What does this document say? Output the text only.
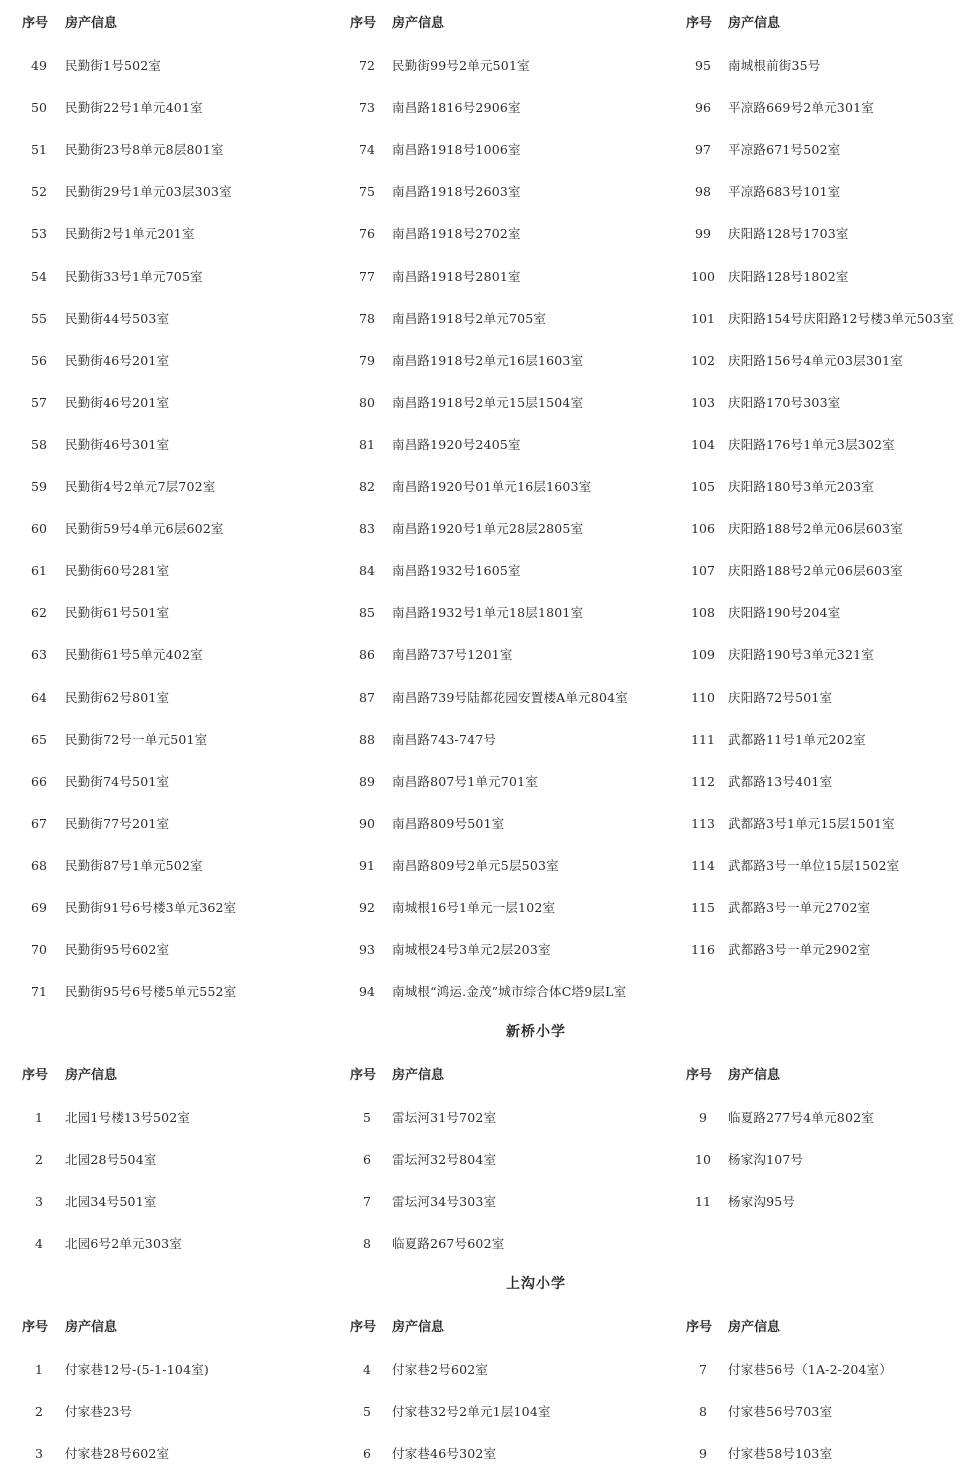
序号 房产信息
49	民勤街1号502室
50	民勤街22号1单元401室
51	民勤街23号8单元8层801室
52	民勤街29号1单元03层303室
53	民勤街2号1单元201室
54	民勤街33号1单元705室
55	民勤街44号503室
56	民勤街46号201室
57	民勤街46号201室
58	民勤街46号301室
59	民勤街4号2单元7层702室
60	民勤街59号4单元6层602室
61	民勤街60号281室
62	民勤街61号501室
63	民勤街61号5单元402室
64	民勤街62号801室
65	民勤街72号一单元501室
66	民勤街74号501室
67	民勤街77号201室
68	民勤街87号1单元502室
69	民勤街91号6号楼3单元362室
70	民勤街95号602室
71	民勤街95号6号楼5单元552室
序号 房产信息
72	民勤街99号2单元501室
73	南昌路1816号2906室
74	南昌路1918号1006室
75	南昌路1918号2603室
76	南昌路1918号2702室
77	南昌路1918号2801室
78	南昌路1918号2单元705室
79	南昌路1918号2单元16层1603室
80	南昌路1918号2单元15层1504室
81	南昌路1920号2405室
82	南昌路1920号01单元16层1603室
83	南昌路1920号1单元28层2805室
84	南昌路1932号1605室
85	南昌路1932号1单元18层1801室
86	南昌路737号1201室
87	南昌路739号陆都花园安置楼A单元804室
88	南昌路743-747号
89	南昌路807号1单元701室
90	南昌路809号501室
91	南昌路809号2单元5层503室
92	南城根16号1单元一层102室
93	南城根24号3单元2层203室
94	南城根“鸿运.金茂”城市综合体C塔9层L室
序号 房产信息
95	南城根前街35号
96	平凉路669号2单元301室
97	平凉路671号502室
98	平凉路683号101室
99	庆阳路128号1703室
100	庆阳路128号1802室
101	庆阳路154号庆阳路12号楼3单元503室
102	庆阳路156号4单元03层301室
103	庆阳路170号303室
104	庆阳路176号1单元3层302室
105	庆阳路180号3单元203室
106	庆阳路188号2单元06层603室
107	庆阳路188号2单元06层603室
108	庆阳路190号204室
109	庆阳路190号3单元321室
110	庆阳路72号501室
111	武都路11号1单元202室
112	武都路13号401室
113	武都路3号1单元15层1501室
114	武都路3号一单位15层1502室
115	武都路3号一单元2702室
116	武都路3号一单元2902室
新桥小学
序号 房产信息
1	北园1号楼13号502室
2	北园28号504室
3	北园34号501室
4	北园6号2单元303室
序号 房产信息
5	雷坛河31号702室
6	雷坛河32号804室
7	雷坛河34号303室
8	临夏路267号602室
序号 房产信息
9	临夏路277号4单元802室
10	杨家沟107号
11	杨家沟95号
上沟小学
序号 房产信息
1	付家巷12号-(5-1-104室)
2	付家巷23号
3	付家巷28号602室
序号 房产信息
4	付家巷2号602室
5	付家巷32号2单元1层104室
6	付家巷46号302室
序号 房产信息
7	付家巷56号（1A-2-204室）
8	付家巷56号703室
9	付家巷58号103室
